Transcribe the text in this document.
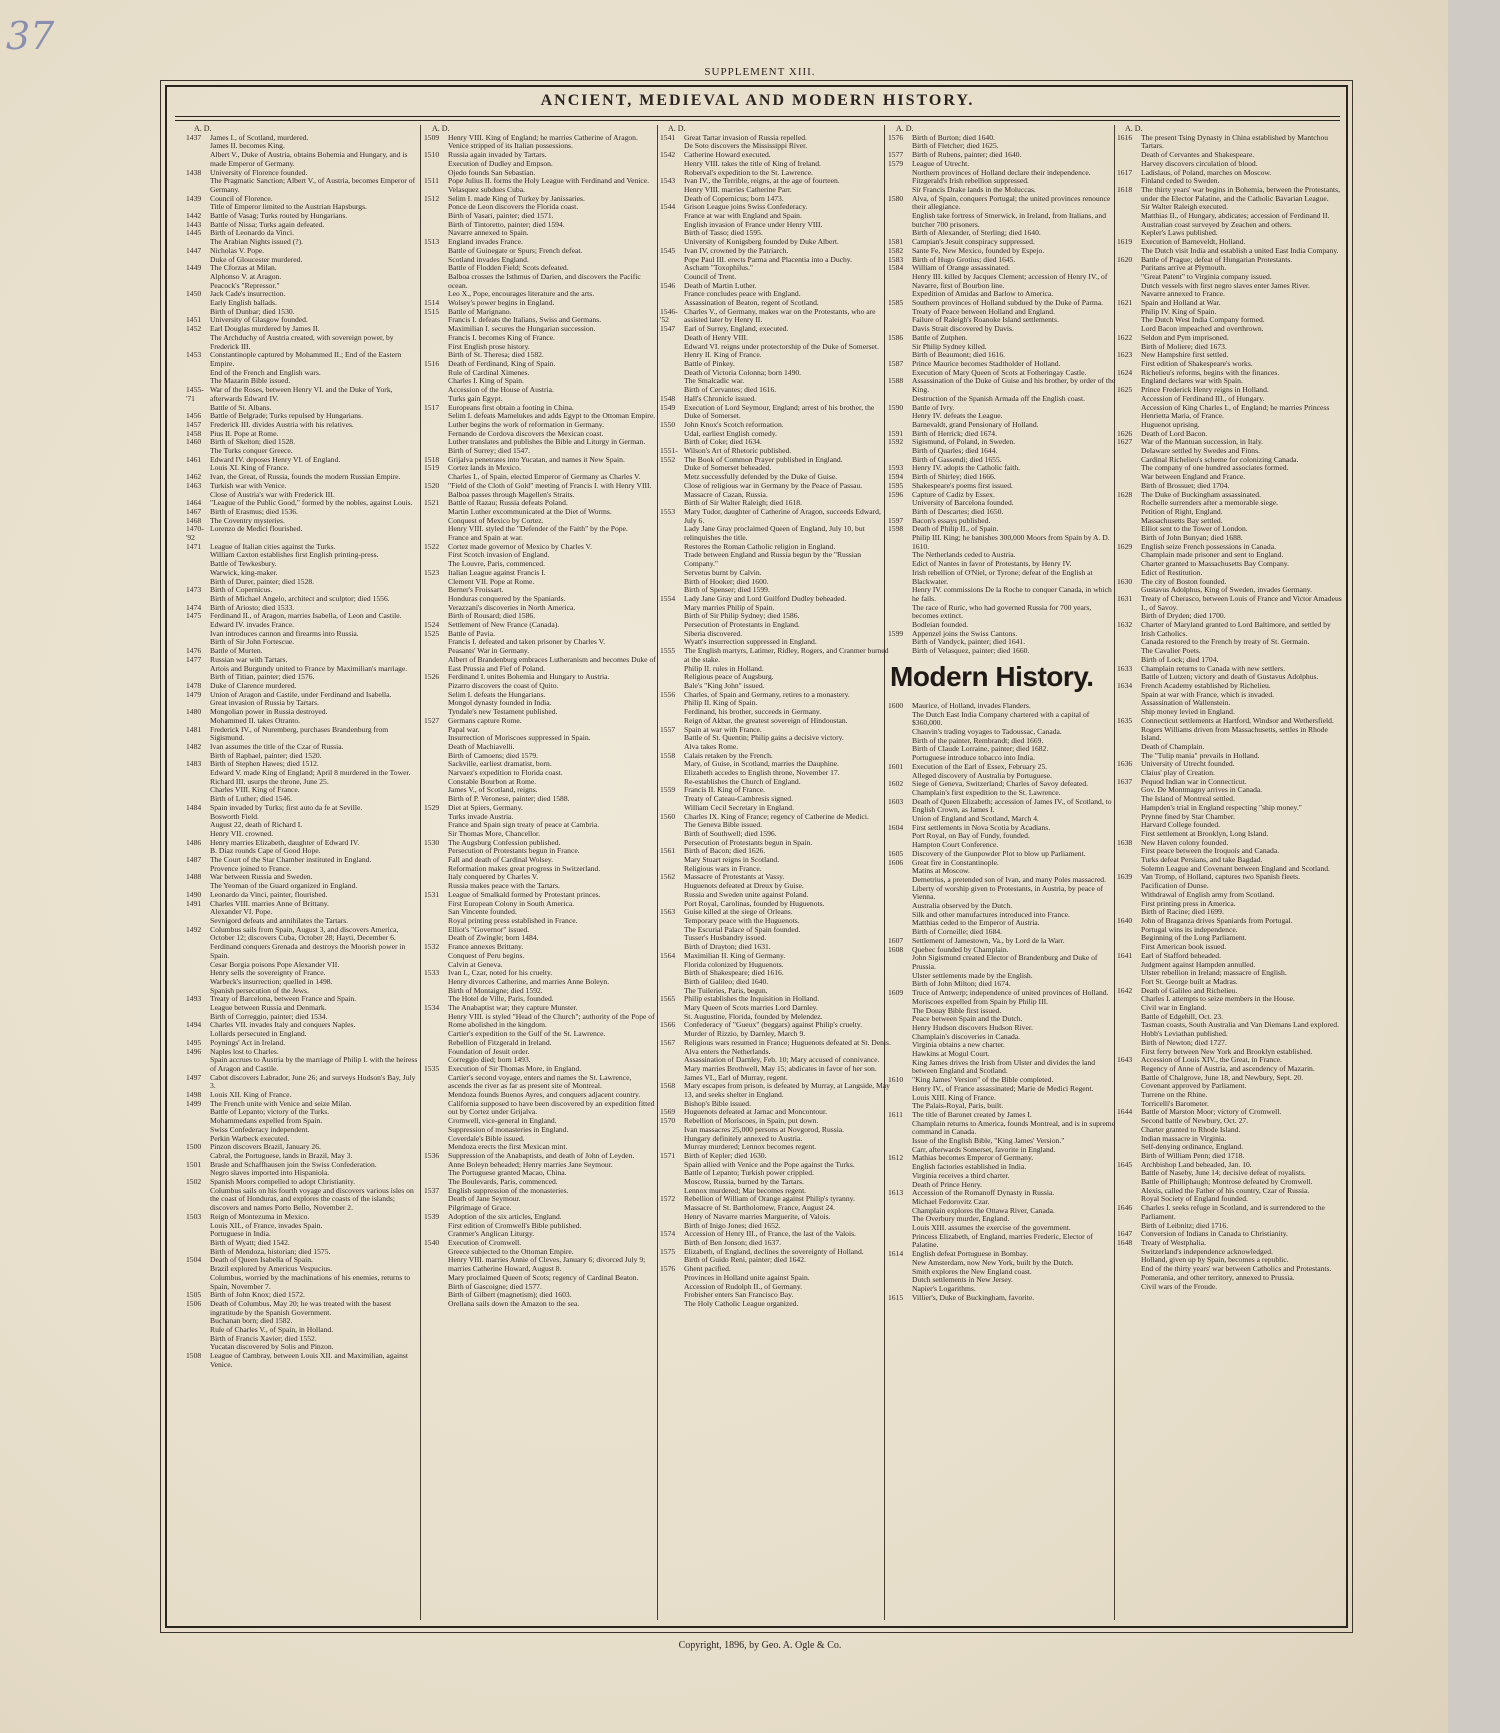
37
SUPPLEMENT XIII.
ANCIENT, MEDIEVAL AND MODERN HISTORY.
A. D.
1437	James I., of Scotland, murdered.
James II. becomes King.
Albert V., Duke of Austria, obtains Bohemia and Hungary, and is made Emperor of Germany.
1438	University of Florence founded.
The Pragmatic Sanction; Albert V., of Austria, becomes Emperor of Germany.
1439	Council of Florence.
Title of Emperor limited to the Austrian Hapsburgs.
1442	Battle of Vasag; Turks routed by Hungarians.
1443	Battle of Nissa; Turks again defeated.
1445	Birth of Leonardo da Vinci.
The Arabian Nights issued (?).
1447	Nicholas V. Pope.
Duke of Gloucester murdered.
1449	The Cforzas at Milan.
Alphonso V. at Aragon.
Peacock's "Repressor."
1450	Jack Cade's insurrection.
Early English ballads.
Birth of Dunbar; died 1530.
1451	University of Glasgow founded.
1452	Earl Douglas murdered by James II.
The Archduchy of Austria created, with sovereign power, by Frederick III.
1453	Constantinople captured by Mohammed II.; End of the Eastern Empire.
End of the French and English wars.
The Mazarin Bible issued.
1455-'71
War of the Roses, between Henry VI. and the Duke of York, afterwards Edward IV.
Battle of St. Albans.
1456	Battle of Belgrade; Turks repulsed by Hungarians.
1457	Frederick III. divides Austria with his relatives.
1458	Pius II. Pope at Rome.
1460	Birth of Skelton; died 1528.
The Turks conquer Greece.
1461	Edward IV. deposes Henry VI. of England.
Louis XI. King of France.
1462	Ivan, the Great, of Russia, founds the modern Russian Empire.
1463	Turkish war with Venice.
Close of Austria's war with Frederick III.
1464	"League of the Public Good," formed by the nobles, against Louis.
1467	Birth of Erasmus; died 1536.
1468	The Coventry mysteries.
1470-'92
Lorenzo de Medici flourished.
1471	League of Italian cities against the Turks.
William Caxton establishes first English printing-press.
Battle of Tewkesbury.
Warwick, king-maker.
Birth of Durer, painter; died 1528.
1473	Birth of Copernicus.
Birth of Michael Angelo, architect and sculptor; died 1556.
1474	Birth of Ariosto; died 1533.
1475	Ferdinand II., of Aragon, marries Isabella, of Leon and Castile.
Edward IV. invades France.
Ivan introduces cannon and firearms into Russia.
Birth of Sir John Fortescue.
1476	Battle of Murten.
1477	Russian war with Tartars.
Artois and Burgundy united to France by Maximilian's marriage.
Birth of Titian, painter; died 1576.
1478	Duke of Clarence murdered.
1479	Union of Aragon and Castile, under Ferdinand and Isabella.
Great invasion of Russia by Tartars.
1480	Mongolian power in Russia destroyed.
Mohammed II. takes Otranto.
1481	Frederick IV., of Nuremberg, purchases Brandenburg from Sigismund.
1482	Ivan assumes the title of the Czar of Russia.
Birth of Raphael, painter; died 1520.
1483	Birth of Stephen Hawes; died 1512.
Edward V. made King of England; April 8 murdered in the Tower.
Richard III. usurps the throne, June 25.
Charles VIII. King of France.
Birth of Luther; died 1546.
1484	Spain invaded by Turks; first auto da fe at Seville.
Bosworth Field.
August 22, death of Richard I.
Henry VII. crowned.
1486	Henry marries Elizabeth, daughter of Edward IV.
B. Diaz rounds Cape of Good Hope.
1487	The Court of the Star Chamber instituted in England.
Provence joined to France.
1488	War between Russia and Sweden.
The Yeoman of the Guard organized in England.
1490	Leonardo da Vinci, painter, flourished.
1491	Charles VIII. marries Anne of Brittany.
Alexander VI. Pope.
Sevnigord defeats and annihilates the Tartars.
1492	Columbus sails from Spain, August 3, and discovers America, October 12; discovers Cuba, October 28; Hayti, December 6.
Ferdinand conquers Grenada and destroys the Moorish power in Spain.
Cesar Borgia poisons Pope Alexander VII.
Henry sells the sovereignty of France.
Warbeck's insurrection; quelled in 1498.
Spanish persecution of the Jews.
1493	Treaty of Barcelona, between France and Spain.
League between Russia and Denmark.
Birth of Correggio, painter; died 1534.
1494	Charles VII. invades Italy and conquers Naples.
Lollards persecuted in England.
1495	Poynings' Act in Ireland.
1496	Naples lost to Charles.
Spain accrues to Austria by the marriage of Philip I. with the heiress of Aragon and Castile.
1497	Cabot discovers Labrador, June 26; and surveys Hudson's Bay, July 3.
1498	Louis XII. King of France.
1499	The French unite with Venice and seize Milan.
Battle of Lepanto; victory of the Turks.
Mohammedans expelled from Spain.
Swiss Confederacy independent.
Perkin Warbeck executed.
1500	Pinzon discovers Brazil, January 26.
Cabral, the Portuguese, lands in Brazil, May 3.
1501	Brasle and Schaffhausen join the Swiss Confederation.
Negro slaves imported into Hispaniola.
1502	Spanish Moors compelled to adopt Christianity.
Columbus sails on his fourth voyage and discovers various isles on the coast of Honduras, and explores the coasts of the islands; discovers and names Porto Bello, November 2.
1503	Reign of Montezuma in Mexico.
Louis XII., of France, invades Spain.
Portuguese in India.
Birth of Wyatt; died 1542.
Birth of Mendoza, historian; died 1575.
1504	Death of Queen Isabella of Spain.
Brazil explored by Americus Vespucius.
Columbus, worried by the machinations of his enemies, returns to Spain, November 7.
1505	Birth of John Knox; died 1572.
1506	Death of Columbus, May 20; he was treated with the basest ingratitude by the Spanish Government.
Buchanan born; died 1582.
Rule of Charles V., of Spain, in Holland.
Birth of Francis Xavier; died 1552.
Yucatan discovered by Solis and Pinzon.
1508	League of Cambray, between Louis XII. and Maximilian, against Venice.
A. D.
1509	Henry VIII. King of England; he marries Catherine of Aragon.
Venice stripped of its Italian possessions.
1510	Russia again invaded by Tartars.
Execution of Dudley and Empson.
Ojedo founds San Sebastian.
1511	Pope Julius II. forms the Holy League with Ferdinand and Venice.
Velasquez subdues Cuba.
1512	Selim I. made King of Turkey by Janissaries.
Ponce de Leon discovers the Florida coast.
Birth of Vasari, painter; died 1571.
Birth of Tintoretto, painter; died 1594.
Navarre annexed to Spain.
1513	England invades France.
Battle of Guinegate or Spurs; French defeat.
Scotland invades England.
Battle of Flodden Field; Scots defeated.
Balboa crosses the Isthmus of Darien, and discovers the Pacific ocean.
Leo X., Pope, encourages literature and the arts.
1514	Wolsey's power begins in England.
1515	Battle of Marignano.
Francis I. defeats the Italians, Swiss and Germans.
Maximilian I. secures the Hungarian succession.
Francis I. becomes King of France.
First English prose history.
Birth of St. Theresa; died 1582.
1516	Death of Ferdinand, King of Spain.
Rule of Cardinal Ximenes.
Charles I. King of Spain.
Accession of the House of Austria.
Turks gain Egypt.
1517	Europeans first obtain a footing in China.
Selim I. defeats Mamelukes and adds Egypt to the Ottoman Empire.
Luther begins the work of reformation in Germany.
Fernando de Cordova discovers the Mexican coast.
Luther translates and publishes the Bible and Liturgy in German.
Birth of Surrey; died 1547.
1518	Grijalva penetrates into Yucatan, and names it New Spain.
1519	Cortez lands in Mexico.
Charles I., of Spain, elected Emperor of Germany as Charles V.
1520	"Field of the Cloth of Gold" meeting of Francis I. with Henry VIII.
Balboa passes through Magellen's Straits.
1521	Battle of Razau; Russia defeats Poland.
Martin Luther excommunicated at the Diet of Worms.
Conquest of Mexico by Cortez.
Henry VIII. styled the "Defender of the Faith" by the Pope.
France and Spain at war.
1522	Cortez made governor of Mexico by Charles V.
First Scotch invasion of England.
The Louvre, Paris, commenced.
1523	Italian League against Francis I.
Clement VII. Pope at Rome.
Berner's Froissart.
Honduras conquered by the Spaniards.
Verazzani's discoveries in North America.
Birth of Rousard; died 1586.
1524	Settlement of New France (Canada).
1525	Battle of Pavia.
Francis I. defeated and taken prisoner by Charles V.
Peasants' War in Germany.
Albert of Brandenburg embraces Lutheranism and becomes Duke of East Prussia and Fief of Poland.
1526	Ferdinand I. unites Bohemia and Hungary to Austria.
Pizarro discovers the coast of Quito.
Selim I. defeats the Hungarians.
Mongol dynasty founded in India.
Tyndale's new Testament published.
1527	Germans capture Rome.
Papal war.
Insurrection of Moriscoes suppressed in Spain.
Death of Machiavelli.
Birth of Camoens; died 1579.
Sackville, earliest dramatist, born.
Narvaez's expedition to Florida coast.
Constable Bourbon at Rome.
James V., of Scotland, reigns.
Birth of P. Veronese, painter; died 1588.
1529	Diet at Spiers, Germany.
Turks invade Austria.
France and Spain sign treaty of peace at Cambria.
Sir Thomas More, Chancellor.
1530	The Augsburg Confession published.
Persecution of Protestants begun in France.
Fall and death of Cardinal Wolsey.
Reformation makes great progress in Switzerland.
Italy conquered by Charles V.
Russia makes peace with the Tartars.
1531	League of Smalkald formed by Protestant princes.
First European Colony in South America.
San Vincente founded.
Royal printing press established in France.
Elliot's "Governor" issued.
Death of Zwingle; born 1484.
1532	France annexes Brittany.
Conquest of Peru begins.
Calvin at Geneva.
1533	Ivan I., Czar, noted for his cruelty.
Henry divorces Catherine, and marries Anne Boleyn.
Birth of Montaigne; died 1592.
The Hotel de Ville, Paris, founded.
1534	The Anabaptist war; they capture Munster.
Henry VIII. is styled "Head of the Church"; authority of the Pope of Rome abolished in the kingdom.
Cartier's expedition to the Gulf of the St. Lawrence.
Rebellion of Fitzgerald in Ireland.
Foundation of Jesuit order.
Correggio died; born 1493.
1535	Execution of Sir Thomas More, in England.
Cartier's second voyage, enters and names the St. Lawrence, ascends the river as far as present site of Montreal.
Mendoza founds Buenos Ayres, and conquers adjacent country.
California supposed to have been discovered by an expedition fitted out by Cortez under Grijalva.
Cromwell, vice-general in England.
Suppression of monasteries in England.
Coverdale's Bible issued.
Mendoza erects the first Mexican mint.
1536	Suppression of the Anabaptists, and death of John of Leyden.
Anne Boleyn beheaded; Henry marries Jane Seymour.
The Portuguese granted Macao, China.
The Boulevards, Paris, commenced.
1537	English suppression of the monasteries.
Death of Jane Seymour.
Pilgrimage of Grace.
1539	Adoption of the six articles, England.
First edition of Cromwell's Bible published.
Cranmer's Anglican Liturgy.
1540	Execution of Cromwell.
Greece subjected to the Ottoman Empire.
Henry VIII. marries Annie of Cleves, January 6; divorced July 9; marries Catherine Howard, August 8.
Mary proclaimed Queen of Scots; regency of Cardinal Beaton.
Birth of Gascoigne; died 1577.
Birth of Gilbert (magnetism); died 1603.
Orellana sails down the Amazon to the sea.
A. D.
1541	Great Tartar invasion of Russia repelled.
De Soto discovers the Mississippi River.
1542	Catherine Howard executed.
Henry VIII. takes the title of King of Ireland.
Roberval's expedition to the St. Lawrence.
1543	Ivan IV., the Terrible, reigns, at the age of fourteen.
Henry VIII. marries Catherine Parr.
Death of Copernicus; born 1473.
1544	Grison League joins Swiss Confederacy.
France at war with England and Spain.
English invasion of France under Henry VIII.
Birth of Tasso; died 1595.
University of Konigsberg founded by Duke Albert.
1545	Ivan IV, crowned by the Patriarch.
Pope Paul III. erects Parma and Placentia into a Duchy.
Ascham "Toxophilus."
Council of Trent.
1546	Death of Martin Luther.
France concludes peace with England.
Assassination of Beaton, regent of Scotland.
1546-'52
Charles V., of Germany, makes war on the Protestants, who are assisted later by Henry II.
1547	Earl of Surrey, England, executed.
Death of Henry VIII.
Edward VI. reigns under protectorship of the Duke of Somerset.
Henry II. King of France.
Battle of Pinkey.
Death of Victoria Colonna; born 1490.
The Smalcadic war.
Birth of Cervantes; died 1616.
1548	Hall's Chronicle issued.
1549	Execution of Lord Seymour, England; arrest of his brother, the Duke of Somerset.
1550	John Knox's Scotch reformation.
Udal, earliest English comedy.
Birth of Coke; died 1634.
1551- Wilson's Art of Rhetoric published.
1552	The Book of Common Prayer published in England.
Duke of Somerset beheaded.
Metz successfully defended by the Duke of Guise.
Close of religious war in Germany by the Peace of Passau.
Massacre of Cazan, Russia.
Birth of Sir Walter Raleigh; died 1618.
1553	Mary Tudor, daughter of Catherine of Aragon, succeeds Edward, July 6.
Lady Jane Gray proclaimed Queen of England, July 10, but relinquishes the title.
Restores the Roman Catholic religion in England.
Trade between England and Russia begun by the "Russian Company."
Servetus burnt by Calvin.
Birth of Hooker; died 1600.
Birth of Spenser; died 1599.
1554	Lady Jane Gray and Lord Guilford Dudley beheaded.
Mary marries Philip of Spain.
Birth of Sir Philip Sydney; died 1586.
Persecution of Protestants in England.
Siberia discovered.
Wyatt's insurrection suppressed in England.
1555	The English martyrs, Latimer, Ridley, Rogers, and Cranmer burned at the stake.
Philip II. rules in Holland.
Religious peace of Augsburg.
Bale's "King John" issued.
1556	Charles, of Spain and Germany, retires to a monastery.
Philip II. King of Spain.
Ferdinand, his brother, succeeds in Germany.
Reign of Akbar, the greatest sovereign of Hindoostan.
1557	Spain at war with France.
Battle of St. Quentin; Philip gains a decisive victory.
Alva takes Rome.
1558	Calais retaken by the French.
Mary, of Guise, in Scotland, marries the Dauphine.
Elizabeth accedes to English throne, November 17.
Re-establishes the Church of England.
1559	Francis II. King of France.
Treaty of Cateau-Cambresis signed.
William Cecil Secretary in England.
1560	Charles IX. King of France; regency of Catherine de Medici.
The Geneva Bible issued.
Birth of Southwell; died 1596.
Persecution of Protestants begun in Spain.
1561	Birth of Bacon; died 1626.
Mary Stuart reigns in Scotland.
Religious wars in France.
1562	Massacre of Protestants at Vassy.
Huguenots defeated at Dreux by Guise.
Russia and Sweden unite against Poland.
Port Royal, Carolinas, founded by Huguenots.
1563	Guise killed at the siege of Orleans.
Temporary peace with the Huguenots.
The Escurial Palace of Spain founded.
Tusser's Husbandry issued.
Birth of Drayton; died 1631.
1564	Maximilian II. King of Germany.
Florida colonized by Huguenots.
Birth of Shakespeare; died 1616.
Birth of Galileo; died 1640.
The Tuileries, Paris, begun.
1565	Philip establishes the Inquisition in Holland.
Mary Queen of Scots marries Lord Darnley.
St. Augustine, Florida, founded by Melendez.
1566	Confederacy of "Gueux" (beggars) against Philip's cruelty.
Murder of Rizzio, by Darnley, March 9.
1567	Religious wars resumed in France; Huguenots defeated at St. Denis.
Alva enters the Netherlands.
Assassination of Darnley, Feb. 10; Mary accused of connivance.
Mary marries Brothwell, May 15; abdicates in favor of her son.
James VI., Earl of Murray, regent.
1568	Mary escapes from prison, is defeated by Murray, at Langside, May 13, and seeks shelter in England.
Bishop's Bible issued.
1569	Huguenots defeated at Jarnac and Moncontour.
1570	Rebellion of Moriscoes, in Spain, put down.
Ivan massacres 25,000 persons at Novgorod, Russia.
Hungary definitely annexed to Austria.
Murray murdered; Lennox becomes regent.
1571	Birth of Kepler; died 1630.
Spain allied with Venice and the Pope against the Turks.
Battle of Lepanto; Turkish power crippled.
Moscow, Russia, burned by the Tartars.
Lennox murdered; Mar becomes regent.
1572	Rebellion of William of Orange against Philip's tyranny.
Massacre of St. Bartholomew, France, August 24.
Henry of Navarre marries Marguerite, of Valois.
Birth of Inigo Jones; died 1652.
1574	Accession of Henry III., of France, the last of the Valois.
Birth of Ben Jonson; died 1637.
1575	Elizabeth, of England, declines the sovereignty of Holland.
Birth of Guido Reni, painter; died 1642.
1576	Ghent pacified.
Provinces in Holland unite against Spain.
Accession of Rudolph II., of Germany.
Frobisher enters San Francisco Bay.
The Holy Catholic League organized.
A. D.
1576	Birth of Burton; died 1640.
Birth of Fletcher; died 1625.
1577	Birth of Rubens, painter; died 1640.
1579	League of Utrecht.
Northern provinces of Holland declare their independence.
Fitzgerald's Irish rebellion suppressed.
Sir Francis Drake lands in the Moluccas.
1580	Alva, of Spain, conquers Portugal; the united provinces renounce their allegiance.
English take fortress of Smerwick, in Ireland, from Italians, and butcher 700 prisoners.
Birth of Alexander, of Sterling; died 1640.
1581	Campian's Jesuit conspiracy suppressed.
1582	Sante Fe, New Mexico, founded by Espejo.
1583	Birth of Hugo Grotius; died 1645.
1584	William of Orange assassinated.
Henry III. killed by Jacques Clement; accession of Henry IV., of Navarre, first of Bourbon line.
Expedition of Amidas and Barlow to America.
1585	Southern provinces of Holland subdued by the Duke of Parma.
Treaty of Peace between Holland and England.
Failure of Raleigh's Roanoke Island settlements.
Davis Strait discovered by Davis.
1586	Battle of Zutphen.
Sir Philip Sydney killed.
Birth of Beaumont; died 1616.
1587	Prince Maurice becomes Stadtholder of Holland.
Execution of Mary Queen of Scots at Fotheringay Castle.
1588	Assassination of the Duke of Guise and his brother, by order of the King.
Destruction of the Spanish Armada off the English coast.
1590	Battle of Ivry.
Henry IV. defeats the League.
Barnevaldt, grand Pensionary of Holland.
1591	Birth of Herrick; died 1674.
1592	Sigismund, of Poland, in Sweden.
Birth of Quarles; died 1644.
Birth of Gassendi; died 1655.
1593	Henry IV. adopts the Catholic faith.
1594	Birth of Shirley; died 1666.
1595	Shakespeare's poems first issued.
1596	Capture of Cadiz by Essex.
University of Barcelona founded.
Birth of Descartes; died 1650.
1597	Bacon's essays published.
1598	Death of Philip II., of Spain.
Philip III. King; he banishes 300,000 Moors from Spain by A. D. 1610.
The Netherlands ceded to Austria.
Edict of Nantes in favor of Protestants, by Henry IV.
Irish rebellion of O'Niel, or Tyrone; defeat of the English at Blackwater.
Henry IV. commissions De la Roche to conquer Canada, in which he fails.
The race of Ruric, who had governed Russia for 700 years, becomes extinct.
Bodleian founded.
1599	Appenzel joins the Swiss Cantons.
Birth of Vandyck, painter; died 1641.
Birth of Velasquez, painter; died 1660.
Modern History.
1600	Maurice, of Holland, invades Flanders.
The Dutch East India Company chartered with a capital of $360,000.
Chauvin's trading voyages to Tadoussac, Canada.
Birth of the painter, Rembrandt; died 1669.
Birth of Claude Lorraine, painter; died 1682.
Portuguese introduce tobacco into India.
1601	Execution of the Earl of Essex, February 25.
Alleged discovery of Australia by Portuguese.
1602	Siege of Geneva, Switzerland; Charles of Savoy defeated.
Champlain's first expedition to the St. Lawrence.
1603	Death of Queen Elizabeth; accession of James IV., of Scotland, to English Crown, as James I.
Union of England and Scotland, March 4.
1604	First settlements in Nova Scotia by Acadians.
Port Royal, on Bay of Fundy, founded.
Hampton Court Conference.
1605	Discovery of the Gunpowder Plot to blow up Parliament.
1606	Great fire in Constantinople.
Matins at Moscow.
Demetrius, a pretended son of Ivan, and many Poles massacred.
Liberty of worship given to Protestants, in Austria, by peace of Vienna.
Australia observed by the Dutch.
Silk and other manufactures introduced into France.
Matthias ceded to the Emperor of Austria.
Birth of Corneille; died 1684.
1607	Settlement of Jamestown, Va., by Lord de la Warr.
1608	Quebec founded by Champlain.
John Sigismund created Elector of Brandenburg and Duke of Prussia.
Ulster settlements made by the English.
Birth of John Milton; died 1674.
1609	Truce of Antwerp; independence of united provinces of Holland.
Moriscoes expelled from Spain by Philip III.
The Douay Bible first issued.
Peace between Spain and the Dutch.
Henry Hudson discovers Hudson River.
Champlain's discoveries in Canada.
Virginia obtains a new charter.
Hawkins at Mogul Court.
King James drives the Irish from Ulster and divides the land between England and Scotland.
1610	"King James' Version" of the Bible completed.
Henry IV., of France assassinated; Marie de Medici Regent.
Louis XIII. King of France.
The Palais-Royal, Paris, built.
1611	The title of Baronet created by James I.
Champlain returns to America, founds Montreal, and is in supreme command in Canada.
Issue of the English Bible, "King James' Version."
Carr, afterwards Somerset, favorite in England.
1612	Mathias becomes Emperor of Germany.
English factories established in India.
Virginia receives a third charter.
Death of Prince Henry.
1613	Accession of the Romanoff Dynasty in Russia.
Michael Fedorovitz Czar.
Champlain explores the Ottawa River, Canada.
The Overbury murder, England.
Louis XIII. assumes the exercise of the government.
Princess Elizabeth, of England, marries Frederic, Elector of Palatine.
1614	English defeat Portuguese in Bombay.
New Amsterdam, now New York, built by the Dutch.
Smith explores the New England coast.
Dutch settlements in New Jersey.
Napier's Logarithms.
1615	Villier's, Duke of Buckingham, favorite.
A. D.
1616	The present Tsing Dynasty in China established by Mantchou Tartars.
Death of Cervantes and Shakespeare.
Harvey discovers circulation of blood.
1617	Ladislaus, of Poland, marches on Moscow.
Finland ceded to Sweden.
1618	The thirty years' war begins in Bohemia, between the Protestants, under the Elector Palatine, and the Catholic Bavarian League.
Sir Walter Raleigh executed.
Matthias II., of Hungary, abdicates; accession of Ferdinand II.
Australian coast surveyed by Zeachen and others.
Kepler's Laws published.
1619	Execution of Barneveldt, Holland.
The Dutch visit India and establish a united East India Company.
1620	Battle of Prague; defeat of Hungarian Protestants.
Puritans arrive at Plymouth.
"Great Patent" to Virginia company issued.
Dutch vessels with first negro slaves enter James River.
Navarre annexed to France.
1621	Spain and Holland at War.
Philip IV. King of Spain.
The Dutch West India Company formed.
Lord Bacon impeached and overthrown.
1622	Seldon and Pym imprisoned.
Birth of Moliere; died 1673.
1623	New Hampshire first settled.
First edition of Shakespeare's works.
1624	Richelieu's reforms, begins with the finances.
England declares war with Spain.
1625	Prince Frederick Henry reigns in Holland.
Accession of Ferdinand III., of Hungary.
Accession of King Charles I., of England; he marries Princess Henrietta Maria, of France.
Huguenot uprising.
1626	Death of Lord Bacon.
1627	War of the Mantuan succession, in Italy.
Delaware settled by Swedes and Finns.
Cardinal Richelieu's scheme for colonizing Canada.
The company of one hundred associates formed.
War between England and France.
Birth of Brossuet; died 1704.
1628	The Duke of Buckingham assassinated.
Rochelle surrenders after a memorable siege.
Petition of Right, England.
Massachusetts Bay settled.
Elliot sent to the Tower of London.
Birth of John Bunyan; died 1688.
1629	English seize French possessions in Canada.
Champlain made prisoner and sent to England.
Charter granted to Massachusetts Bay Company.
Edict of Restitution.
1630	The city of Boston founded.
Gustavus Adolphus, King of Sweden, invades Germany.
1631	Treaty of Cherasco, between Louis of France and Victor Amadeus I., of Savoy.
Birth of Dryden; died 1700.
1632	Charter of Maryland granted to Lord Baltimore, and settled by Irish Catholics.
Canada restored to the French by treaty of St. Germain.
The Cavalier Poets.
Birth of Lock; died 1704.
1633	Champlain returns to Canada with new settlers.
Battle of Lutzen; victory and death of Gustavus Adolphus.
1634	French Academy established by Richelieu.
Spain at war with France, which is invaded.
Assassination of Wallenstein.
Ship money levied in England.
1635	Connecticut settlements at Hartford, Windsor and Wethersfield.
Rogers Williams driven from Massachusetts, settles in Rhode Island.
Death of Champlain.
The "Tulip mania" prevails in Holland.
1636	University of Utrecht founded.
Claius' play of Creation.
1637	Pequod Indian war in Connecticut.
Gov. De Montmagny arrives in Canada.
The Island of Montreal settled.
Hampden's trial in England respecting "ship money."
Prynne fined by Star Chamber.
Harvard College founded.
First settlement at Brooklyn, Long Island.
1638	New Haven colony founded.
First peace between the Iroquois and Canada.
Turks defeat Persians, and take Bagdad.
Solemn League and Covenant between England and Scotland.
1639	Van Tromp, of Holland, captures two Spanish fleets.
Pacification of Dunse.
Withdrawal of English army from Scotland.
First printing press in America.
Birth of Racine; died 1699.
1640	John of Braganza drives Spaniards from Portugal.
Portugal wins its independence.
Beginning of the Long Parliament.
First American book issued.
1641	Earl of Stafford beheaded.
Judgment against Hampden annulled.
Ulster rebellion in Ireland; massacre of English.
Fort St. George built at Madras.
1642	Death of Galileo and Richelieu.
Charles I. attempts to seize members in the House.
Civil war in England.
Battle of Edgehill, Oct. 23.
Tasman coasts, South Australia and Van Diemans Land explored.
Hobb's Leviathan published.
Birth of Newton; died 1727.
First ferry between New York and Brooklyn established.
1643	Accession of Louis XIV., the Great, in France.
Regency of Anne of Austria, and ascendency of Mazarin.
Battle of Chalgrove, June 18, and Newbury, Sept. 20.
Covenant approved by Parliament.
Turrene on the Rhine.
Torricelli's Barometer.
1644	Battle of Marston Moor; victory of Cromwell.
Second battle of Newbury, Oct. 27.
Charter granted to Rhode Island.
Indian massacre in Virginia.
Self-denying ordinance, England.
Birth of William Penn; died 1718.
1645	Archbishop Land beheaded, Jan. 10.
Battle of Naseby, June 14; decisive defeat of royalists.
Battle of Philliphaugh; Montrose defeated by Cromwell.
Alexis, called the Father of his country, Czar of Russia.
Royal Society of England founded.
1646	Charles I. seeks refuge in Scotland, and is surrendered to the Parliament.
Birth of Leibnitz; died 1716.
1647	Conversion of Indians in Canada to Christianity.
1648	Treaty of Westphalia.
Switzerland's independence acknowledged.
Holland, given up by Spain, becomes a republic.
End of the thirty years' war between Catholics and Protestants.
Pomerania, and other territory, annexed to Prussia.
Civil wars of the Froude.
Copyright, 1896, by Geo. A. Ogle & Co.
